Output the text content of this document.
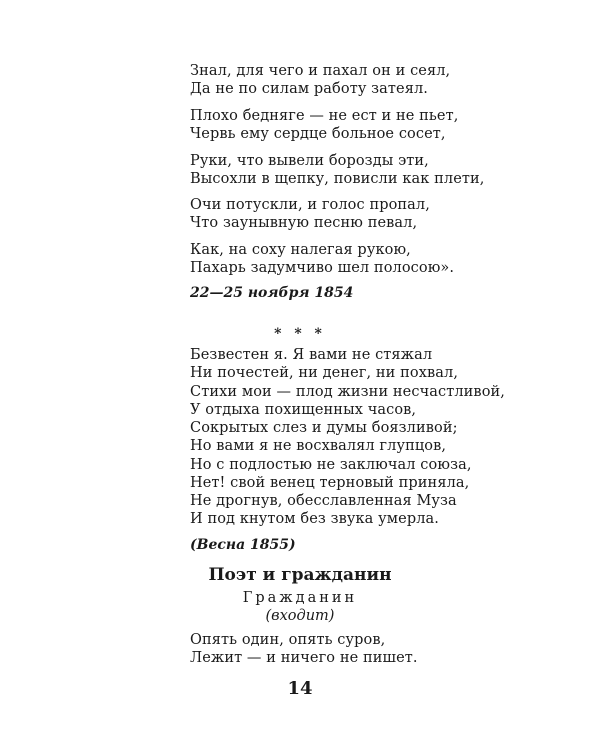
Знал, для чего и пахал он и сеял,
Да не по силам работу затеял.
Плохо бедняге — не ест и не пьет,
Червь ему сердце больное сосет,
Руки, что вывели борозды эти,
Высохли в щепку, повисли как плети,
Очи потускли, и голос пропал,
Что заунывную песню певал,
Как, на соху налегая рукою,
Пахарь задумчиво шел полосою».
22—25 ноября 1854
* * *
Безвестен я. Я вами не стяжал
Ни почестей, ни денег, ни похвал,
Стихи мои — плод жизни несчастливой,
У отдыха похищенных часов,
Сокрытых слез и думы боязливой;
Но вами я не восхвалял глупцов,
Но с подлостью не заключал союза,
Нет! свой венец терновый приняла,
Не дрогнув, обесславленная Муза
И под кнутом без звука умерла.
(Весна 1855)
Поэт и гражданин
Гражданин
(входит)
Опять один, опять суров,
Лежит — и ничего не пишет.
14
